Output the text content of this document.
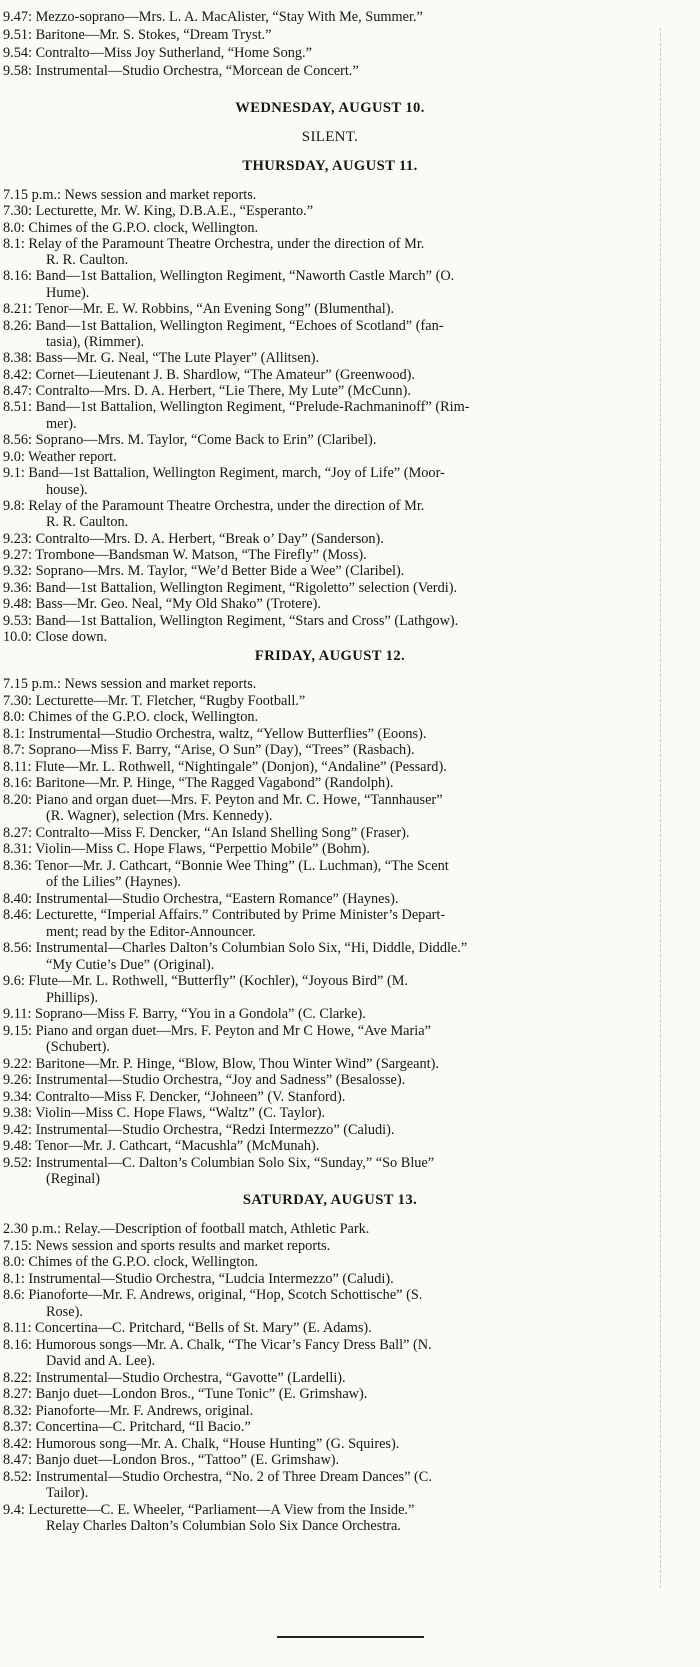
9.47: Mezzo-soprano—Mrs. L. A. MacAlister, “Stay With Me, Summer.”
9.51: Baritone—Mr. S. Stokes, “Dream Tryst.”
9.54: Contralto—Miss Joy Sutherland, “Home Song.”
9.58: Instrumental—Studio Orchestra, “Morcean de Concert.”
WEDNESDAY, AUGUST 10.
SILENT.
THURSDAY, AUGUST 11.
7.15 p.m.: News session and market reports.
7.30: Lecturette, Mr. W. King, D.B.A.E., “Esperanto.”
8.0: Chimes of the G.P.O. clock, Wellington.
8.1: Relay of the Paramount Theatre Orchestra, under the direction of Mr.
R. R. Caulton.
8.16: Band—1st Battalion, Wellington Regiment, “Naworth Castle March” (O.
Hume).
8.21: Tenor—Mr. E. W. Robbins, “An Evening Song” (Blumenthal).
8.26: Band—1st Battalion, Wellington Regiment, “Echoes of Scotland” (fan-
tasia), (Rimmer).
8.38: Bass—Mr. G. Neal, “The Lute Player” (Allitsen).
8.42: Cornet—Lieutenant J. B. Shardlow, “The Amateur” (Greenwood).
8.47: Contralto—Mrs. D. A. Herbert, “Lie There, My Lute” (McCunn).
8.51: Band—1st Battalion, Wellington Regiment, “Prelude-Rachmaninoff” (Rim-
mer).
8.56: Soprano—Mrs. M. Taylor, “Come Back to Erin” (Claribel).
9.0: Weather report.
9.1: Band—1st Battalion, Wellington Regiment, march, “Joy of Life” (Moor-
house).
9.8: Relay of the Paramount Theatre Orchestra, under the direction of Mr.
R. R. Caulton.
9.23: Contralto—Mrs. D. A. Herbert, “Break o’ Day” (Sanderson).
9.27: Trombone—Bandsman W. Matson, “The Firefly” (Moss).
9.32: Soprano—Mrs. M. Taylor, “We’d Better Bide a Wee” (Claribel).
9.36: Band—1st Battalion, Wellington Regiment, “Rigoletto” selection (Verdi).
9.48: Bass—Mr. Geo. Neal, “My Old Shako” (Trotere).
9.53: Band—1st Battalion, Wellington Regiment, “Stars and Cross” (Lathgow).
10.0: Close down.
FRIDAY, AUGUST 12.
7.15 p.m.: News session and market reports.
7.30: Lecturette—Mr. T. Fletcher, “Rugby Football.”
8.0: Chimes of the G.P.O. clock, Wellington.
8.1: Instrumental—Studio Orchestra, waltz, “Yellow Butterflies” (Eoons).
8.7: Soprano—Miss F. Barry, “Arise, O Sun” (Day), “Trees” (Rasbach).
8.11: Flute—Mr. L. Rothwell, “Nightingale” (Donjon), “Andaline” (Pessard).
8.16: Baritone—Mr. P. Hinge, “The Ragged Vagabond” (Randolph).
8.20: Piano and organ duet—Mrs. F. Peyton and Mr. C. Howe, “Tannhauser”
(R. Wagner), selection (Mrs. Kennedy).
8.27: Contralto—Miss F. Dencker, “An Island Shelling Song” (Fraser).
8.31: Violin—Miss C. Hope Flaws, “Perpettio Mobile” (Bohm).
8.36: Tenor—Mr. J. Cathcart, “Bonnie Wee Thing” (L. Luchman), “The Scent
of the Lilies” (Haynes).
8.40: Instrumental—Studio Orchestra, “Eastern Romance” (Haynes).
8.46: Lecturette, “Imperial Affairs.” Contributed by Prime Minister’s Depart-
ment; read by the Editor-Announcer.
8.56: Instrumental—Charles Dalton’s Columbian Solo Six, “Hi, Diddle, Diddle.”
“My Cutie’s Due” (Original).
9.6: Flute—Mr. L. Rothwell, “Butterfly” (Kochler), “Joyous Bird” (M.
Phillips).
9.11: Soprano—Miss F. Barry, “You in a Gondola” (C. Clarke).
9.15: Piano and organ duet—Mrs. F. Peyton and Mr C Howe, “Ave Maria”
(Schubert).
9.22: Baritone—Mr. P. Hinge, “Blow, Blow, Thou Winter Wind” (Sargeant).
9.26: Instrumental—Studio Orchestra, “Joy and Sadness” (Besalosse).
9.34: Contralto—Miss F. Dencker, “Johneen” (V. Stanford).
9.38: Violin—Miss C. Hope Flaws, “Waltz” (C. Taylor).
9.42: Instrumental—Studio Orchestra, “Redzi Intermezzo” (Caludi).
9.48: Tenor—Mr. J. Cathcart, “Macushla” (McMunah).
9.52: Instrumental—C. Dalton’s Columbian Solo Six, “Sunday,” “So Blue”
(Reginal)
SATURDAY, AUGUST 13.
2.30 p.m.: Relay.—Description of football match, Athletic Park.
7.15: News session and sports results and market reports.
8.0: Chimes of the G.P.O. clock, Wellington.
8.1: Instrumental—Studio Orchestra, “Ludcia Intermezzo” (Caludi).
8.6: Pianoforte—Mr. F. Andrews, original, “Hop, Scotch Schottische” (S.
Rose).
8.11: Concertina—C. Pritchard, “Bells of St. Mary” (E. Adams).
8.16: Humorous songs—Mr. A. Chalk, “The Vicar’s Fancy Dress Ball” (N.
David and A. Lee).
8.22: Instrumental—Studio Orchestra, “Gavotte” (Lardelli).
8.27: Banjo duet—London Bros., “Tune Tonic” (E. Grimshaw).
8.32: Pianoforte—Mr. F. Andrews, original.
8.37: Concertina—C. Pritchard, “Il Bacio.”
8.42: Humorous song—Mr. A. Chalk, “House Hunting” (G. Squires).
8.47: Banjo duet—London Bros., “Tattoo” (E. Grimshaw).
8.52: Instrumental—Studio Orchestra, “No. 2 of Three Dream Dances” (C.
Tailor).
9.4: Lecturette—C. E. Wheeler, “Parliament—A View from the Inside.”
Relay Charles Dalton’s Columbian Solo Six Dance Orchestra.
